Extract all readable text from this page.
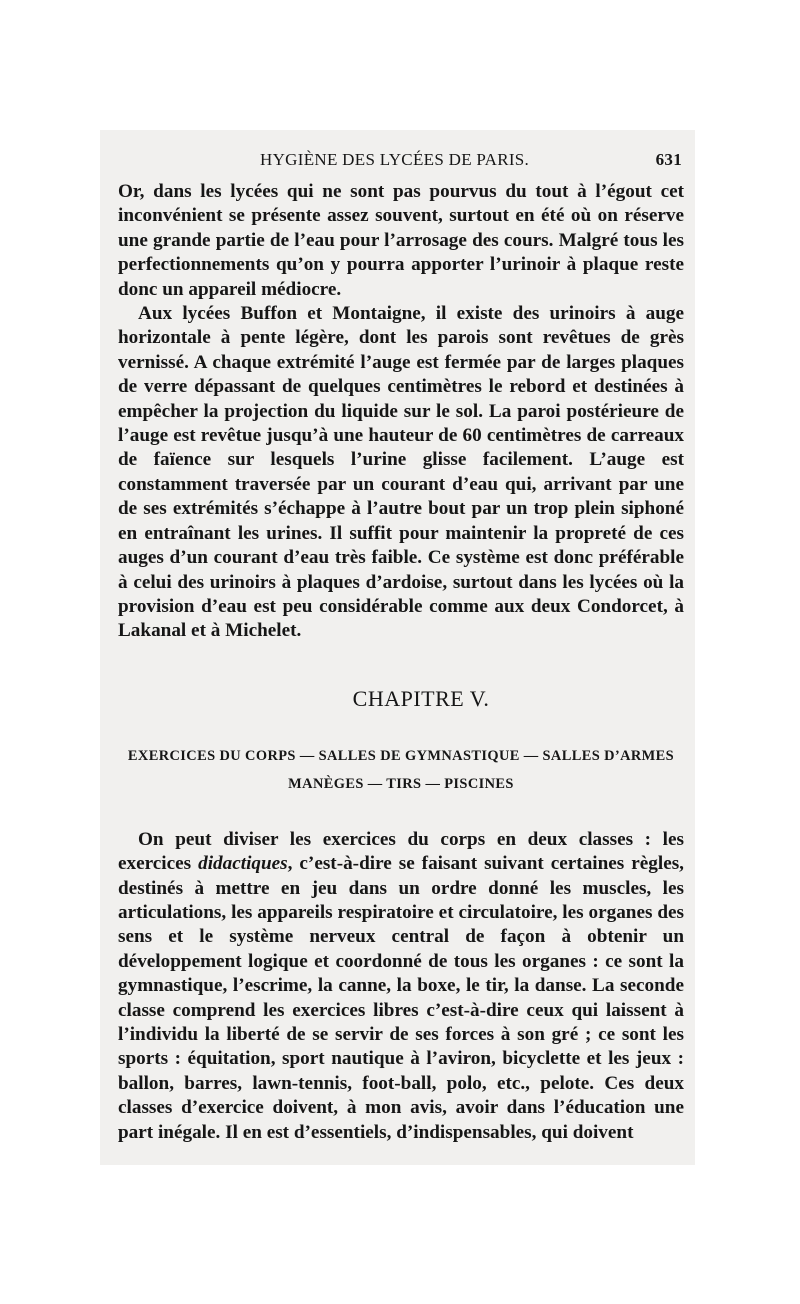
HYGIÈNE DES LYCÉES DE PARIS.	631

Or, dans les lycées qui ne sont pas pourvus du tout à l’égout cet inconvénient se présente assez souvent, surtout en été où on réserve une grande partie de l’eau pour l’arrosage des cours. Malgré tous les perfectionnements qu’on y pourra apporter l’urinoir à plaque reste donc un appareil médiocre.

Aux lycées Buffon et Montaigne, il existe des urinoirs à auge horizontale à pente légère, dont les parois sont revêtues de grès vernissé. A chaque extrémité l’auge est fermée par de larges plaques de verre dépassant de quelques centimètres le rebord et destinées à empêcher la projection du liquide sur le sol. La paroi postérieure de l’auge est revêtue jusqu’à une hauteur de 60 centimètres de carreaux de faïence sur lesquels l’urine glisse facilement. L’auge est constamment traversée par un courant d’eau qui, arrivant par une de ses extrémités s’échappe à l’autre bout par un trop plein siphoné en entraînant les urines. Il suffit pour maintenir la propreté de ces auges d’un courant d’eau très faible. Ce système est donc préférable à celui des urinoirs à plaques d’ardoise, surtout dans les lycées où la provision d’eau est peu considérable comme aux deux Condorcet, à Lakanal et à Michelet.

CHAPITRE V.
EXERCICES DU CORPS — SALLES DE GYMNASTIQUE — SALLES D’ARMES
MANÈGES — TIRS — PISCINES

On peut diviser les exercices du corps en deux classes : les exercices didactiques, c’est-à-dire se faisant suivant certaines règles, destinés à mettre en jeu dans un ordre donné les muscles, les articulations, les appareils respiratoire et circulatoire, les organes des sens et le système nerveux central de façon à obtenir un développement logique et coordonné de tous les organes : ce sont la gymnastique, l’escrime, la canne, la boxe, le tir, la danse. La seconde classe comprend les exercices libres c’est-à-dire ceux qui laissent à l’individu la liberté de se servir de ses forces à son gré ; ce sont les sports : équitation, sport nautique à l’aviron, bicyclette et les jeux : ballon, barres, lawn-tennis, foot-ball, polo, etc., pelote. Ces deux classes d’exercice doivent, à mon avis, avoir dans l’éducation une part inégale. Il en est d’essentiels, d’indispensables, qui doivent
